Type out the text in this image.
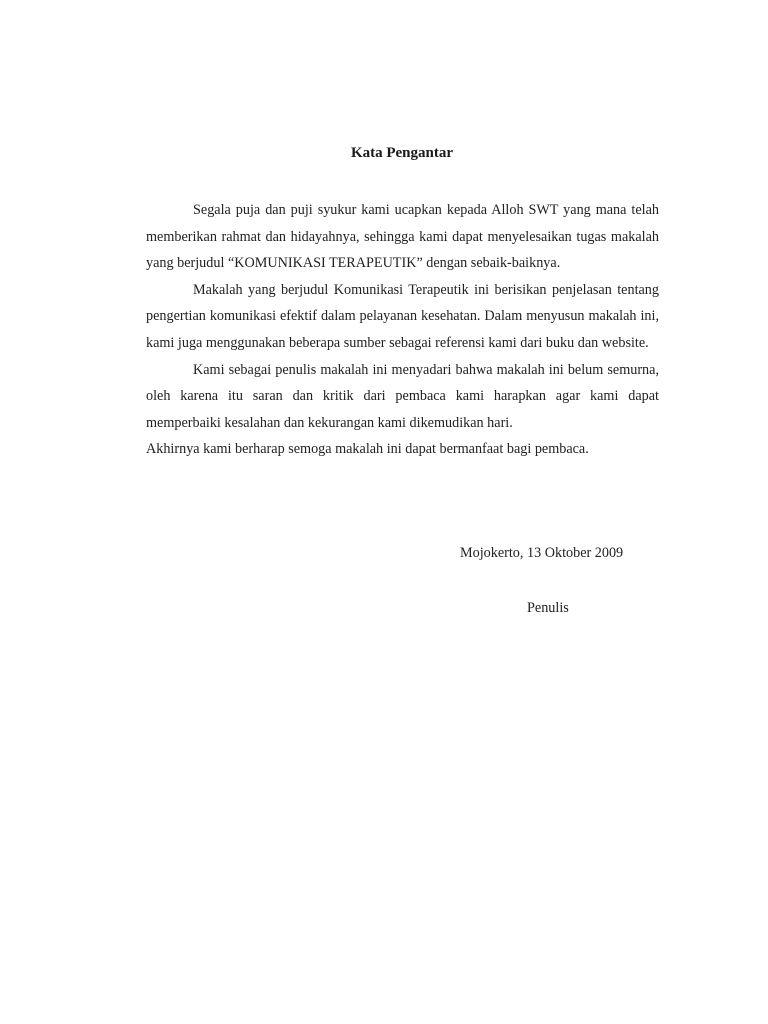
Kata Pengantar

Segala puja dan puji syukur kami ucapkan kepada Alloh SWT yang mana telah memberikan rahmat dan hidayahnya, sehingga kami dapat menyelesaikan tugas makalah yang berjudul “KOMUNIKASI TERAPEUTIK” dengan sebaik-baiknya.

Makalah yang berjudul Komunikasi Terapeutik ini berisikan penjelasan tentang pengertian komunikasi efektif dalam pelayanan kesehatan. Dalam menyusun makalah ini, kami juga menggunakan beberapa sumber sebagai referensi kami dari buku dan website.

Kami sebagai penulis makalah ini menyadari bahwa makalah ini belum semurna, oleh karena itu saran dan kritik dari pembaca kami harapkan agar kami dapat memperbaiki kesalahan dan kekurangan kami dikemudikan hari.

Akhirnya kami berharap semoga makalah ini dapat bermanfaat bagi pembaca.

Mojokerto, 13 Oktober 2009

Penulis
